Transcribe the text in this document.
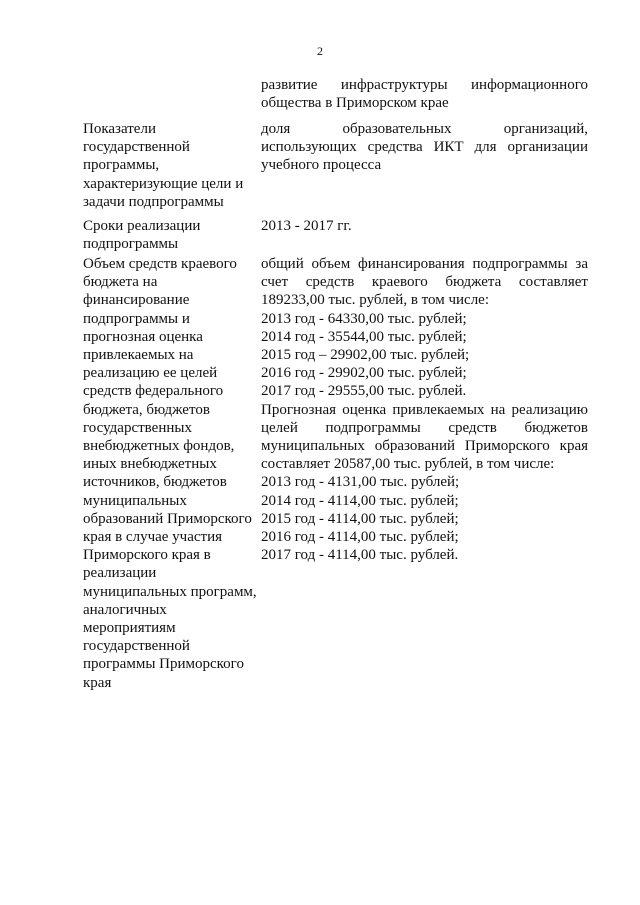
2

развитие инфраструктуры информационного

общества в Приморском крае

Показатели
государственной
программы,
характеризующие цели и
задачи подпрограммы

доля образовательных организаций,

использующих средства ИКТ для организации

учебного процесса

Сроки реализации
подпрограммы

2013 - 2017 гг.

Объем средств краевого
бюджета на
финансирование
подпрограммы и
прогнозная оценка
привлекаемых на
реализацию ее целей
средств федерального
бюджета, бюджетов
государственных
внебюджетных фондов,
иных внебюджетных
источников, бюджетов
муниципальных
образований Приморского
края в случае участия
Приморского края в
реализации
муниципальных программ,
аналогичных
мероприятиям
государственной
программы Приморского
края

общий объем финансирования подпрограммы за

счет средств краевого бюджета составляет

189233,00 тыс. рублей, в том числе:

2013 год - 64330,00 тыс. рублей;

2014 год - 35544,00 тыс. рублей;

2015 год – 29902,00 тыс. рублей;

2016 год - 29902,00 тыс. рублей;

2017 год - 29555,00 тыс. рублей.

Прогнозная оценка привлекаемых на реализацию

целей подпрограммы средств бюджетов

муниципальных образований Приморского края

составляет 20587,00 тыс. рублей, в том числе:

2013 год - 4131,00 тыс. рублей;

2014 год - 4114,00 тыс. рублей;

2015 год - 4114,00 тыс. рублей;

2016 год - 4114,00 тыс. рублей;

2017 год - 4114,00 тыс. рублей.
